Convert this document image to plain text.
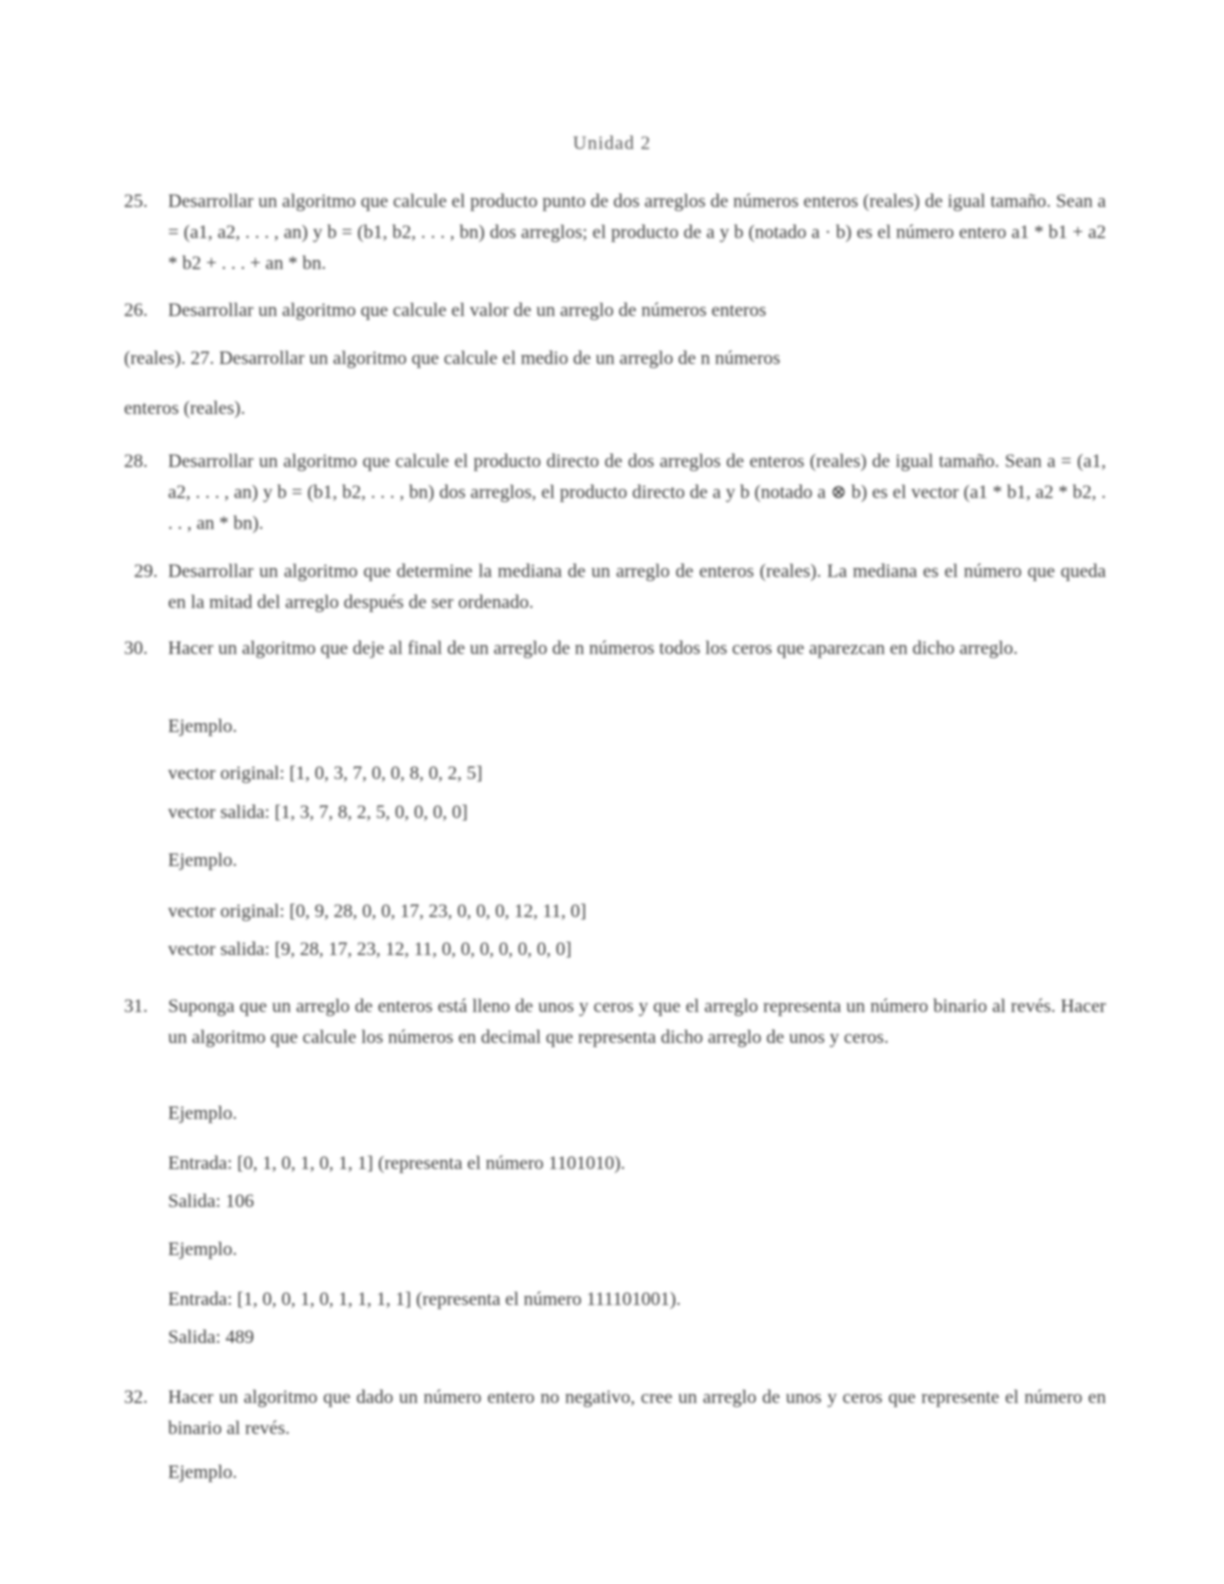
Unidad 2
25.	Desarrollar un algoritmo que calcule el producto punto de dos arreglos de números enteros (reales) de igual tamaño. Sean a = (a1, a2, . . . , an) y b = (b1, b2, . . . , bn) dos arreglos; el producto de a y b (notado a · b) es el número entero a1 * b1 + a2 * b2 + . . . + an * bn.
26.	Desarrollar un algoritmo que calcule el valor de un arreglo de números enteros
(reales). 27. Desarrollar un algoritmo que calcule el medio de un arreglo de n números
enteros (reales).
28.	Desarrollar un algoritmo que calcule el producto directo de dos arreglos de enteros (reales) de igual tamaño. Sean a = (a1, a2, . . . , an) y b = (b1, b2, . . . , bn) dos arreglos, el producto directo de a y b (notado a ⊗ b) es el vector (a1 * b1, a2 * b2, . . . , an * bn).
29. Desarrollar un algoritmo que determine la mediana de un arreglo de enteros (reales). La mediana es el número que queda en la mitad del arreglo después de ser ordenado.
30.	Hacer un algoritmo que deje al final de un arreglo de n números todos los ceros que aparezcan en dicho arreglo.
Ejemplo.
vector original: [1, 0, 3, 7, 0, 0, 8, 0, 2, 5]
vector salida: [1, 3, 7, 8, 2, 5, 0, 0, 0, 0]
Ejemplo.
vector original: [0, 9, 28, 0, 0, 17, 23, 0, 0, 0, 12, 11, 0]
vector salida: [9, 28, 17, 23, 12, 11, 0, 0, 0, 0, 0, 0, 0]
31.	Suponga que un arreglo de enteros está lleno de unos y ceros y que el arreglo representa un número binario al revés. Hacer un algoritmo que calcule los números en decimal que representa dicho arreglo de unos y ceros.
Ejemplo.
Entrada: [0, 1, 0, 1, 0, 1, 1] (representa el número 1101010).
Salida: 106
Ejemplo.
Entrada: [1, 0, 0, 1, 0, 1, 1, 1, 1] (representa el número 111101001).
Salida: 489
32.	Hacer un algoritmo que dado un número entero no negativo, cree un arreglo de unos y ceros que represente el número en binario al revés.
Ejemplo.
